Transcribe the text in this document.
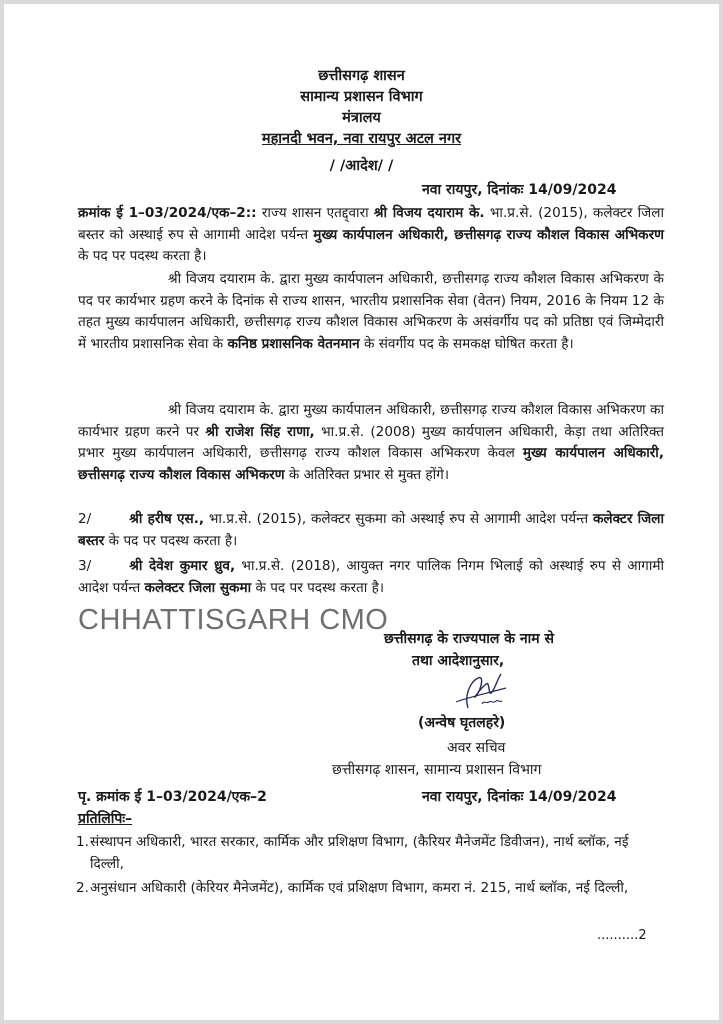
छत्तीसगढ़ शासन
सामान्य प्रशासन विभाग
मंत्रालय
महानदी भवन, नवा रायपुर अटल नगर
/ /आदेश/ /
नवा रायपुर, दिनांकः 14/09/2024
क्रमांक ई 1–03/2024/एक–2:: राज्य शासन एतद्द्वारा श्री विजय दयाराम के. भा.प्र.से. (2015), कलेक्टर जिला बस्तर को अस्थाई रुप से आगामी आदेश पर्यन्त मुख्य कार्यपालन अधिकारी, छत्तीसगढ़ राज्य कौशल विकास अभिकरण के पद पर पदस्थ करता है।
श्री विजय दयाराम के. द्वारा मुख्य कार्यपालन अधिकारी, छत्तीसगढ़ राज्य कौशल विकास अभिकरण के पद पर कार्यभार ग्रहण करने के दिनांक से राज्य शासन, भारतीय प्रशासनिक सेवा (वेतन) नियम, 2016 के नियम 12 के तहत मुख्य कार्यपालन अधिकारी, छत्तीसगढ़ राज्य कौशल विकास अभिकरण के असंवर्गीय पद को प्रतिष्ठा एवं जिम्मेदारी में भारतीय प्रशासनिक सेवा के कनिष्ठ प्रशासनिक वेतनमान के संवर्गीय पद के समकक्ष घोषित करता है।
श्री विजय दयाराम के. द्वारा मुख्य कार्यपालन अधिकारी, छत्तीसगढ़ राज्य कौशल विकास अभिकरण का कार्यभार ग्रहण करने पर श्री राजेश सिंह राणा, भा.प्र.से. (2008) मुख्य कार्यपालन अधिकारी, केड़ा तथा अतिरिक्त प्रभार मुख्य कार्यपालन अधिकारी, छत्तीसगढ़ राज्य कौशल विकास अभिकरण केवल मुख्य कार्यपालन अधिकारी, छत्तीसगढ़ राज्य कौशल विकास अभिकरण के अतिरिक्त प्रभार से मुक्त होंगे।
2/	श्री हरीष एस., भा.प्र.से. (2015), कलेक्टर सुकमा को अस्थाई रुप से आगामी आदेश पर्यन्त कलेक्टर जिला बस्तर के पद पर पदस्थ करता है।
3/	श्री देवेश कुमार ध्रुव, भा.प्र.से. (2018), आयुक्त नगर पालिक निगम भिलाई को अस्थाई रुप से आगामी आदेश पर्यन्त कलेक्टर जिला सुकमा के पद पर पदस्थ करता है।
CHHATTISGARH CMO
छत्तीसगढ़ के राज्यपाल के नाम से
तथा आदेशानुसार,
(अन्वेष घृतलहरे)
अवर सचिव
छत्तीसगढ़ शासन, सामान्य प्रशासन विभाग
पृ. क्रमांक ई 1–03/2024/एक–2	नवा रायपुर, दिनांकः 14/09/2024
प्रतिलिपिः–
1.संस्थापन अधिकारी, भारत सरकार, कार्मिक और प्रशिक्षण विभाग, (कैरियर मैनेजमेंट डिवीजन), नार्थ ब्लॉक, नई दिल्ली,
2.अनुसंधान अधिकारी (केरियर मैनेजमेंट), कार्मिक एवं प्रशिक्षण विभाग, कमरा नं. 215, नार्थ ब्लॉक, नई दिल्ली,
..........2
